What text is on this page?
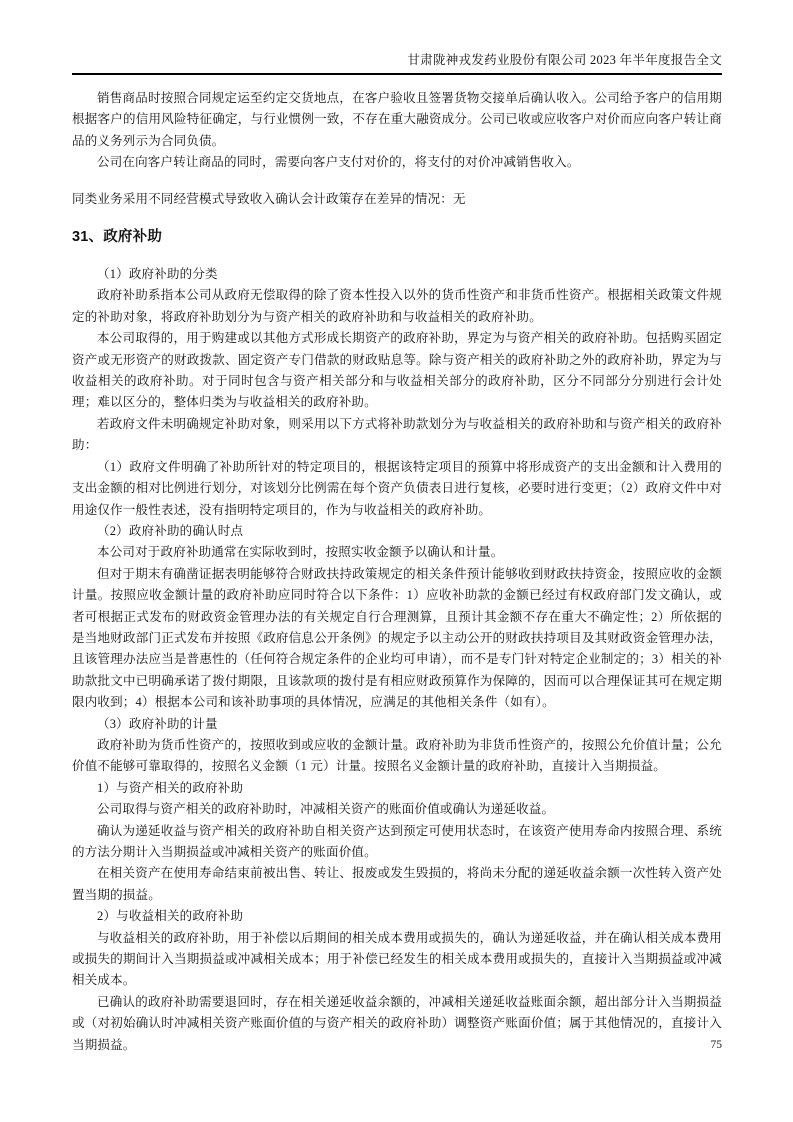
甘肃陇神戎发药业股份有限公司 2023 年半年度报告全文

销售商品时按照合同规定运至约定交货地点，在客户验收且签署货物交接单后确认收入。公司给予客户的信用期根据客户的信用风险特征确定，与行业惯例一致，不存在重大融资成分。公司已收或应收客户对价而应向客户转让商品的义务列示为合同负债。

公司在向客户转让商品的同时，需要向客户支付对价的，将支付的对价冲减销售收入。

同类业务采用不同经营模式导致收入确认会计政策存在差异的情况：无

31、政府补助

（1）政府补助的分类

政府补助系指本公司从政府无偿取得的除了资本性投入以外的货币性资产和非货币性资产。根据相关政策文件规定的补助对象，将政府补助划分为与资产相关的政府补助和与收益相关的政府补助。

本公司取得的，用于购建或以其他方式形成长期资产的政府补助，界定为与资产相关的政府补助。包括购买固定资产或无形资产的财政拨款、固定资产专门借款的财政贴息等。除与资产相关的政府补助之外的政府补助，界定为与收益相关的政府补助。对于同时包含与资产相关部分和与收益相关部分的政府补助，区分不同部分分别进行会计处理；难以区分的，整体归类为与收益相关的政府补助。

若政府文件未明确规定补助对象，则采用以下方式将补助款划分为与收益相关的政府补助和与资产相关的政府补助：

（1）政府文件明确了补助所针对的特定项目的，根据该特定项目的预算中将形成资产的支出金额和计入费用的支出金额的相对比例进行划分，对该划分比例需在每个资产负债表日进行复核，必要时进行变更；（2）政府文件中对用途仅作一般性表述，没有指明特定项目的，作为与收益相关的政府补助。

（2）政府补助的确认时点

本公司对于政府补助通常在实际收到时，按照实收金额予以确认和计量。

但对于期末有确凿证据表明能够符合财政扶持政策规定的相关条件预计能够收到财政扶持资金，按照应收的金额计量。按照应收金额计量的政府补助应同时符合以下条件：1）应收补助款的金额已经过有权政府部门发文确认，或者可根据正式发布的财政资金管理办法的有关规定自行合理测算，且预计其金额不存在重大不确定性；2）所依据的是当地财政部门正式发布并按照《政府信息公开条例》的规定予以主动公开的财政扶持项目及其财政资金管理办法，且该管理办法应当是普惠性的（任何符合规定条件的企业均可申请），而不是专门针对特定企业制定的；3）相关的补助款批文中已明确承诺了拨付期限，且该款项的拨付是有相应财政预算作为保障的，因而可以合理保证其可在规定期限内收到；4）根据本公司和该补助事项的具体情况，应满足的其他相关条件（如有）。

（3）政府补助的计量

政府补助为货币性资产的，按照收到或应收的金额计量。政府补助为非货币性资产的，按照公允价值计量；公允价值不能够可靠取得的，按照名义金额（1 元）计量。按照名义金额计量的政府补助，直接计入当期损益。

1）与资产相关的政府补助

公司取得与资产相关的政府补助时，冲减相关资产的账面价值或确认为递延收益。

确认为递延收益与资产相关的政府补助自相关资产达到预定可使用状态时，在该资产使用寿命内按照合理、系统的方法分期计入当期损益或冲减相关资产的账面价值。

在相关资产在使用寿命结束前被出售、转让、报废或发生毁损的，将尚未分配的递延收益余额一次性转入资产处置当期的损益。

2）与收益相关的政府补助

与收益相关的政府补助，用于补偿以后期间的相关成本费用或损失的，确认为递延收益，并在确认相关成本费用或损失的期间计入当期损益或冲减相关成本；用于补偿已经发生的相关成本费用或损失的，直接计入当期损益或冲减相关成本。

已确认的政府补助需要退回时，存在相关递延收益余额的，冲减相关递延收益账面余额，超出部分计入当期损益或（对初始确认时冲减相关资产账面价值的与资产相关的政府补助）调整资产账面价值；属于其他情况的，直接计入当期损益。	75
